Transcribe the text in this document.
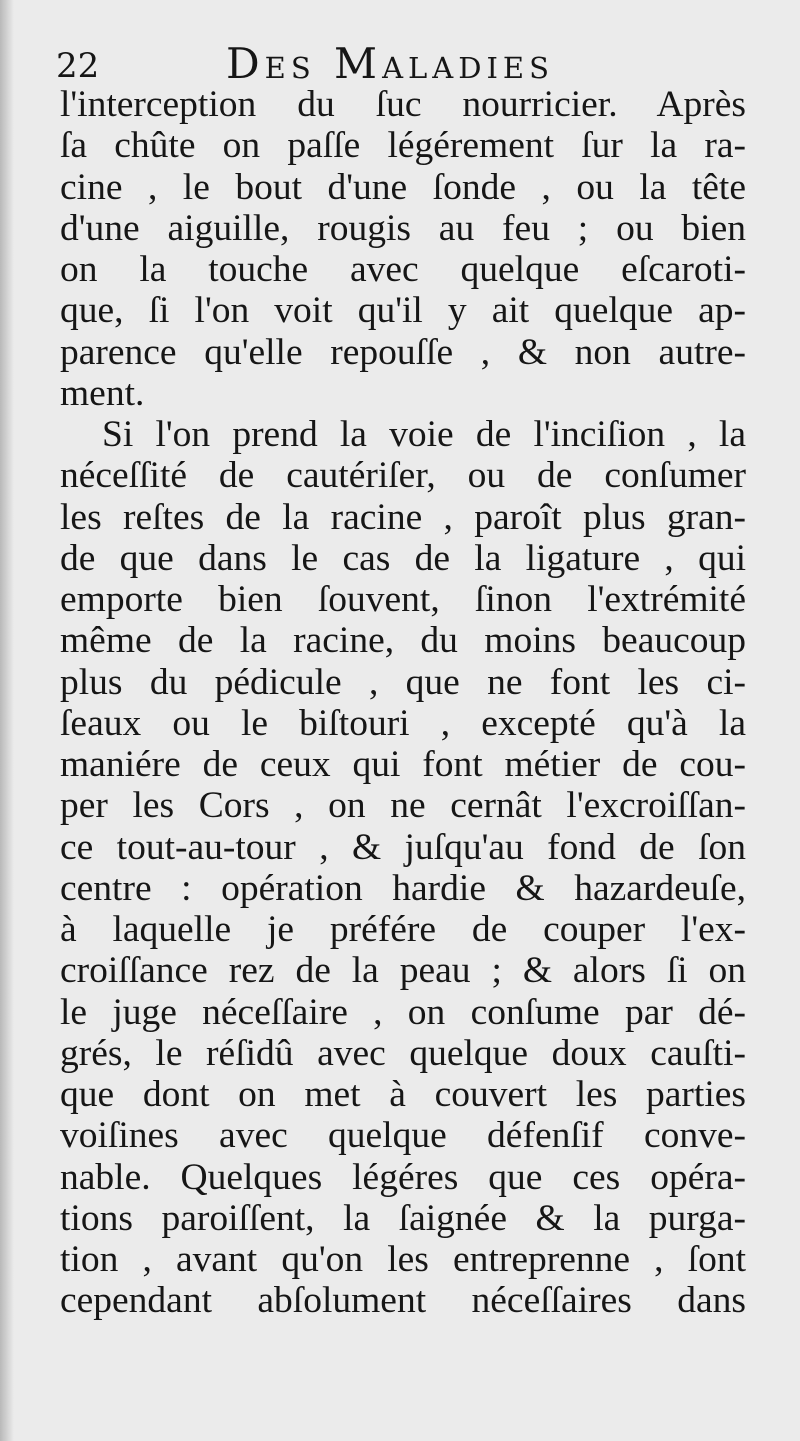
22	Des Maladies
l'interception du ſuc nourricier. Après
ſa chûte on paſſe légérement ſur la ra-
cine , le bout d'une ſonde , ou la tête
d'une aiguille, rougis au feu ; ou bien
on la touche avec quelque eſcaroti-
que, ſi l'on voit qu'il y ait quelque ap-
parence qu'elle repouſſe , & non autre-
ment.
Si l'on prend la voie de l'inciſion , la
néceſſité de cautériſer, ou de conſumer
les reſtes de la racine , paroît plus gran-
de que dans le cas de la ligature , qui
emporte bien ſouvent, ſinon l'extrémité
même de la racine, du moins beaucoup
plus du pédicule , que ne font les ci-
ſeaux ou le biſtouri , excepté qu'à la
maniére de ceux qui font métier de cou-
per les Cors , on ne cernât l'excroiſſan-
ce tout-au-tour , & juſqu'au fond de ſon
centre : opération hardie & hazardeuſe,
à laquelle je préfére de couper l'ex-
croiſſance rez de la peau ; & alors ſi on
le juge néceſſaire , on conſume par dé-
grés, le réſidû avec quelque doux cauſti-
que dont on met à couvert les parties
voiſines avec quelque défenſif conve-
nable. Quelques légéres que ces opéra-
tions paroiſſent, la ſaignée & la purga-
tion , avant qu'on les entreprenne , ſont
cependant abſolument néceſſaires dans
